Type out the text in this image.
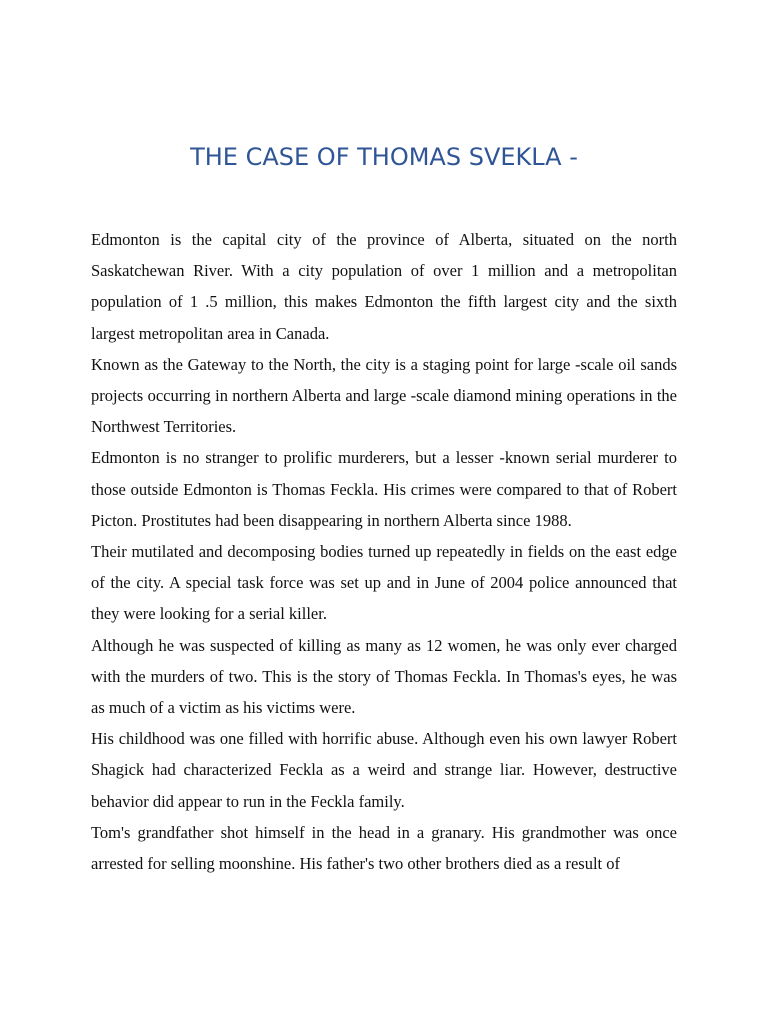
THE CASE OF THOMAS SVEKLA -

Edmonton is the capital city of the province of Alberta, situated on the north Saskatchewan River. With a city population of over 1 million and a metropolitan population of 1 .5 million, this makes Edmonton the fifth largest city and the sixth largest metropolitan area in Canada.

Known as the Gateway to the North, the city is a staging point for large -scale oil sands projects occurring in northern Alberta and large -scale diamond mining operations in the Northwest Territories.

Edmonton is no stranger to prolific murderers, but a lesser -known serial murderer to those outside Edmonton is Thomas Feckla. His crimes were compared to that of Robert Picton. Prostitutes had been disappearing in northern Alberta since 1988.

Their mutilated and decomposing bodies turned up repeatedly in fields on the east edge of the city. A special task force was set up and in June of 2004 police announced that they were looking for a serial killer.

Although he was suspected of killing as many as 12 women, he was only ever charged with the murders of two. This is the story of Thomas Feckla. In Thomas's eyes, he was as much of a victim as his victims were.

His childhood was one filled with horrific abuse. Although even his own lawyer Robert Shagick had characterized Feckla as a weird and strange liar. However, destructive behavior did appear to run in the Feckla family.

Tom's grandfather shot himself in the head in a granary. His grandmother was once arrested for selling moonshine. His father's two other brothers died as a result of
